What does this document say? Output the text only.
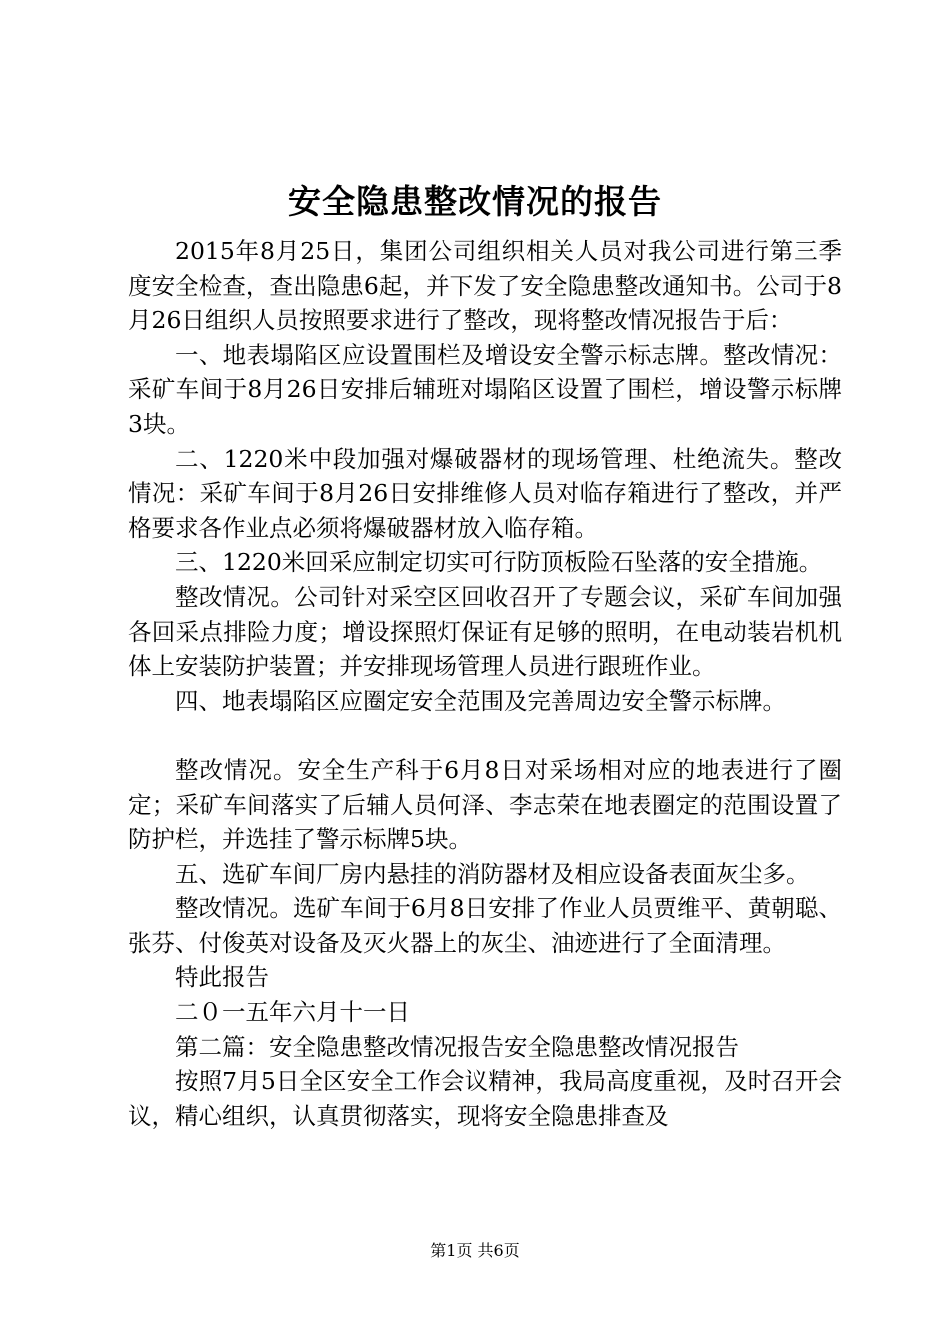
安全隐患整改情况的报告

2015年8月25日，集团公司组织相关人员对我公司进行第三季度安全检查，查出隐患6起，并下发了安全隐患整改通知书。公司于8月26日组织人员按照要求进行了整改，现将整改情况报告于后：

一、地表塌陷区应设置围栏及增设安全警示标志牌。整改情况：采矿车间于8月26日安排后辅班对塌陷区设置了围栏，增设警示标牌3块。

二、1220米中段加强对爆破器材的现场管理、杜绝流失。整改情况：采矿车间于8月26日安排维修人员对临存箱进行了整改，并严格要求各作业点必须将爆破器材放入临存箱。

三、1220米回采应制定切实可行防顶板险石坠落的安全措施。

整改情况。公司针对采空区回收召开了专题会议，采矿车间加强各回采点排险力度；增设探照灯保证有足够的照明，在电动装岩机机体上安装防护装置；并安排现场管理人员进行跟班作业。

四、地表塌陷区应圈定安全范围及完善周边安全警示标牌。

整改情况。安全生产科于6月8日对采场相对应的地表进行了圈定；采矿车间落实了后辅人员何泽、李志荣在地表圈定的范围设置了防护栏，并选挂了警示标牌5块。

五、选矿车间厂房内悬挂的消防器材及相应设备表面灰尘多。

整改情况。选矿车间于6月8日安排了作业人员贾维平、黄朝聪、张芬、付俊英对设备及灭火器上的灰尘、油迹进行了全面清理。

特此报告

二０一五年六月十一日

第二篇：安全隐患整改情况报告安全隐患整改情况报告

按照7月5日全区安全工作会议精神，我局高度重视，及时召开会议，精心组织，认真贯彻落实，现将安全隐患排查及

第1页 共6页
